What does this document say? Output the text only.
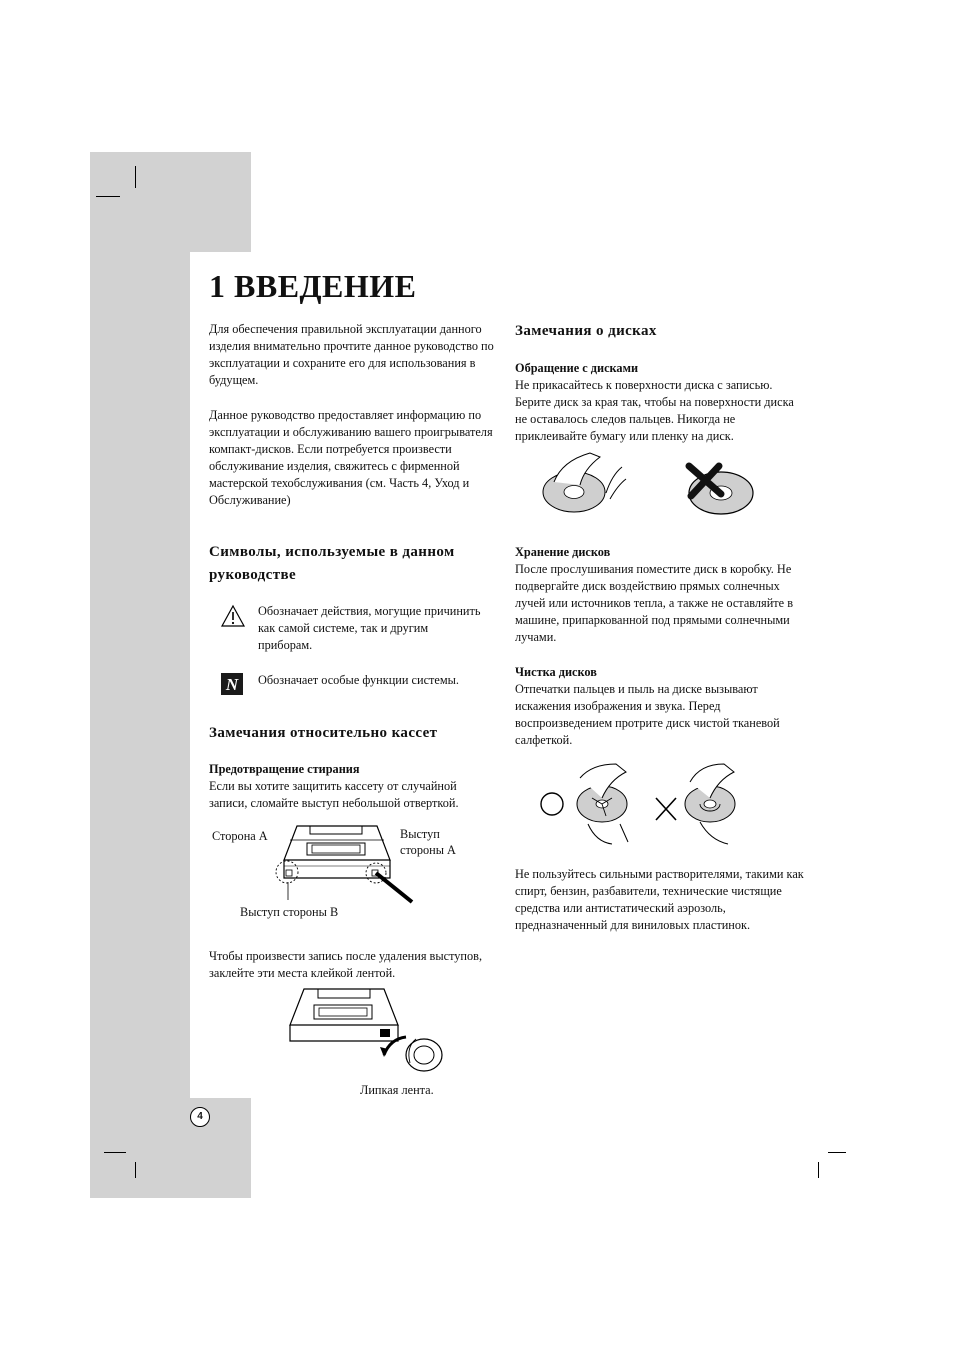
1 ВВЕДЕНИЕ

Для обеспечения правильной эксплуатации данного изделия внимательно прочтите данное руководство по эксплуатации и сохраните его для использования в будущем.

Данное руководство предоставляет информацию по эксплуатации и обслуживанию вашего проигрывателя компакт-дисков. Если потребуется произвести обслуживание изделия, свяжитесь с фирменной мастерской техобслуживания (см. Часть 4, Уход и Обслуживание)

Символы, используемые в данном руководстве

Обозначает действия, могущие причинить как самой системе, так и другим приборам.

N Обозначает особые функции системы.

Замечания относительно кассет
Предотвращение стирания

Если вы хотите защитить кассету от случайной записи, сломайте выступ небольшой отверткой.

Сторона A	Выступ стороны A
Выступ стороны B

Чтобы произвести запись после удаления выступов, заклейте эти места клейкой лентой.

Липкая лента.
Замечания о дисках
Обращение с дисками

Не прикасайтесь к поверхности диска с записью. Берите диск за края так, чтобы на поверхности диска не оставалось следов пальцев. Никогда не приклеивайте бумагу или пленку на диск.

Хранение дисков

После прослушивания поместите диск в коробку. Не подвергайте диск воздействию прямых солнечных лучей или источников тепла, а также не оставляйте в машине, припаркованной под прямыми солнечными лучами.

Чистка дисков

Отпечатки пальцев и пыль на диске вызывают искажения изображения и звука. Перед воспроизведением протрите диск чистой тканевой салфеткой.

Не пользуйтесь сильными растворителями, такими как спирт, бензин, разбавители, технические чистящие средства или антистатический аэрозоль, предназначенный для виниловых пластинок.

4
